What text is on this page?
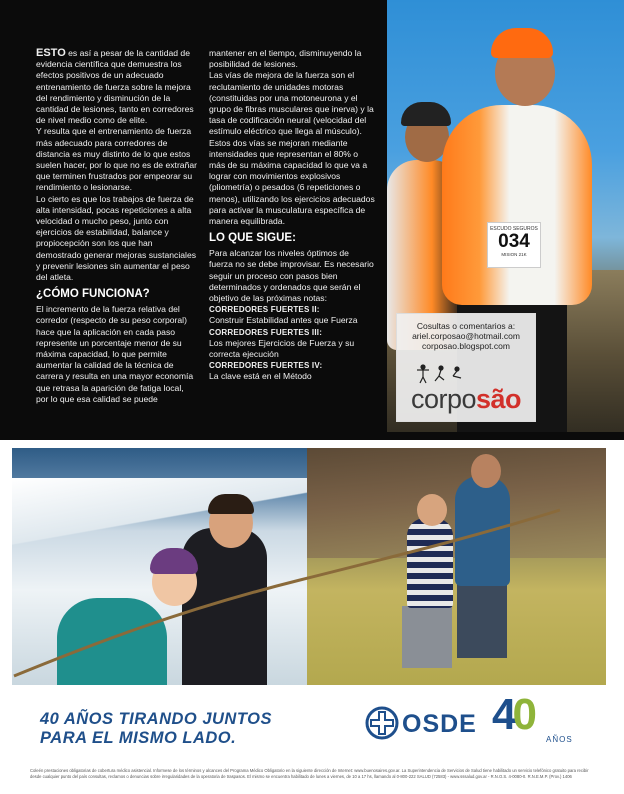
ESTO es así a pesar de la cantidad de evidencia científica que demuestra los efectos positivos de un adecuado entrenamiento de fuerza sobre la mejora del rendimiento y disminución de la cantidad de lesiones, tanto en corredores de nivel medio como de elite.

Y resulta que el entrenamiento de fuerza más adecuado para corredores de distancia es muy distinto de lo que estos suelen hacer, por lo que no es de extrañar que terminen frustrados por empeorar su rendimiento o lesionarse.

Lo cierto es que los trabajos de fuerza de alta intensidad, pocas repeticiones a alta velocidad o mucho peso, junto con ejercicios de estabilidad, balance y propiocepción son los que han demostrado generar mejoras sustanciales y prevenir lesiones sin aumentar el peso del atleta.

¿CÓMO FUNCIONA?

El incremento de la fuerza relativa del corredor (respecto de su peso corporal) hace que la aplicación en cada paso represente un porcentaje menor de su máxima capacidad, lo que permite aumentar la calidad de la técnica de carrera y resulta en una mayor economía que retrasa la aparición de fatiga local, por lo que esa calidad se puede

mantener en el tiempo, disminuyendo la posibilidad de lesiones.

Las vías de mejora de la fuerza son el reclutamiento de unidades motoras (constituidas por una motoneurona y el grupo de fibras musculares que inerva) y la tasa de codificación neural (velocidad del estímulo eléctrico que llega al músculo). Estos dos vías se mejoran mediante intensidades que representan el 80% o más de su máxima capacidad lo que va a lograr con movimientos explosivos (pliometría) o pesados (6 repeticiones o menos), utilizando los ejercicios adecuados para activar la musculatura específica de manera equilibrada.

LO QUE SIGUE:

Para alcanzar los niveles óptimos de fuerza no se debe improvisar. Es necesario seguir un proceso con pasos bien determinados y ordenados que serán el objetivo de las próximas notas:

CORREDORES FUERTES II:

Construir Estabilidad antes que Fuerza

CORREDORES FUERTES III:

Los mejores Ejercicios de Fuerza y su correcta ejecución

CORREDORES FUERTES IV:

La clave está en el Método

ESCUDO SEGUROS
034
MISION 21K
Cosultas o comentarios a:
ariel.corposao@hotmail.com
corposao.blogspot.com
corposão
40 AÑOS TIRANDO JUNTOS
PARA EL MISMO LADO.	OSDE 40
AÑOS
Coleén prestaciones obligatorias de cobertura médico asistencial. Informese de los términos y alcances del Programa Médico Obligatorio en la siguiente dirección de Internet: www.buenosaires.gov.ar. La Superintendencia de Servicios de Salud tiene habilitado un servicio telefónico gratuito para recibir desde cualquier punto del país consultas, reclamos o denuncias sobre irregularidades de la operatoria de traspasos. El mismo se encuentra habilitado de lunes a viernes, de 10 a 17 hs, llamando al 0-800-222 SALUD (72583) - www.sssalud.gov.ar - R.N.O.S. 4-0080-0. R.N.E.M.P. (Prov.) 1406
